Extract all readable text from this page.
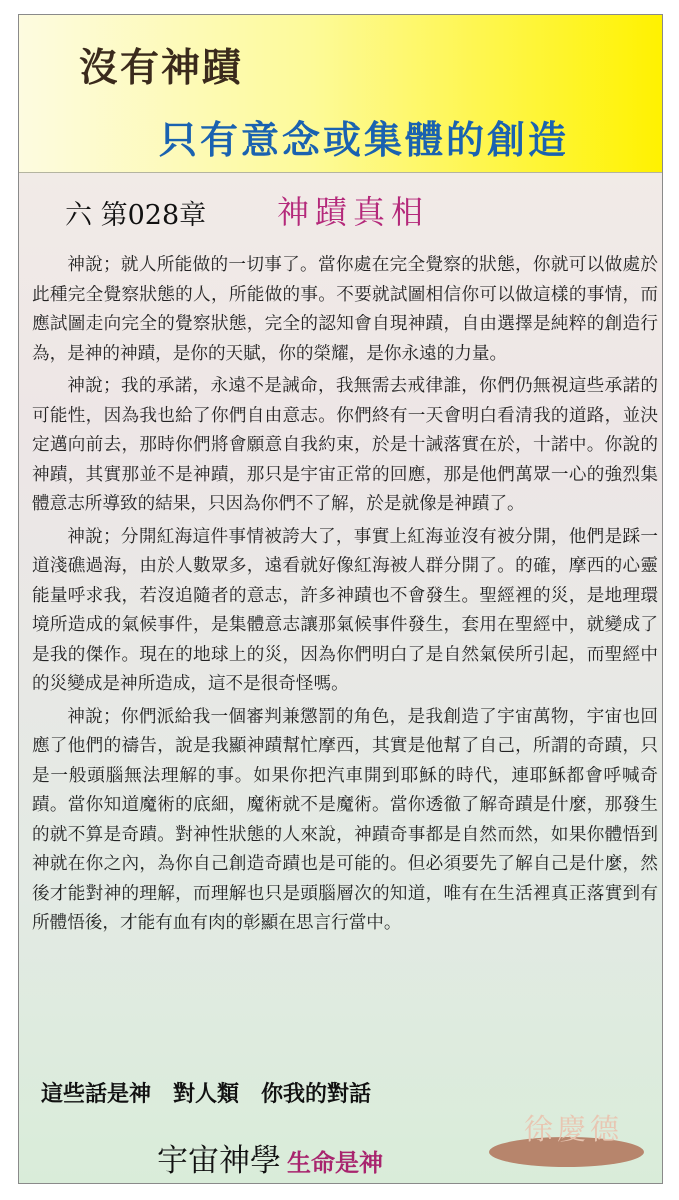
沒有神蹟
只有意念或集體的創造
六 第028章 神蹟真相

神說；就人所能做的一切事了。當你處在完全覺察的狀態，你就可以做處於此種完全覺察狀態的人，所能做的事。不要就試圖相信你可以做這樣的事情，而應試圖走向完全的覺察狀態，完全的認知會自現神蹟，自由選擇是純粹的創造行為，是神的神蹟，是你的天賦，你的榮耀，是你永遠的力量。

神說；我的承諾，永遠不是誡命，我無需去戒律誰，你們仍無視這些承諾的可能性，因為我也給了你們自由意志。你們終有一天會明白看清我的道路，並決定邁向前去，那時你們將會願意自我約束，於是十誡落實在於，十諾中。你說的神蹟，其實那並不是神蹟，那只是宇宙正常的回應，那是他們萬眾一心的強烈集體意志所導致的結果，只因為你們不了解，於是就像是神蹟了。

神說；分開紅海這件事情被誇大了，事實上紅海並沒有被分開，他們是踩一道淺礁過海，由於人數眾多，遠看就好像紅海被人群分開了。的確，摩西的心靈能量呼求我，若沒追隨者的意志，許多神蹟也不會發生。聖經裡的災，是地理環境所造成的氣候事件，是集體意志讓那氣候事件發生，套用在聖經中，就變成了是我的傑作。現在的地球上的災，因為你們明白了是自然氣侯所引起，而聖經中的災變成是神所造成，這不是很奇怪嗎。

神說；你們派給我一個審判兼懲罰的角色，是我創造了宇宙萬物，宇宙也回應了他們的禱告，說是我顯神蹟幫忙摩西，其實是他幫了自己，所謂的奇蹟，只是一般頭腦無法理解的事。如果你把汽車開到耶穌的時代，連耶穌都會呼喊奇蹟。當你知道魔術的底細，魔術就不是魔術。當你透徹了解奇蹟是什麼，那發生的就不算是奇蹟。對神性狀態的人來說，神蹟奇事都是自然而然，如果你體悟到神就在你之內，為你自己創造奇蹟也是可能的。但必須要先了解自己是什麼，然後才能對神的理解，而理解也只是頭腦層次的知道，唯有在生活裡真正落實到有所體悟後，才能有血有肉的彰顯在思言行當中。

這些話是神　對人類　你我的對話
宇宙神學 生命是神
徐慶德
